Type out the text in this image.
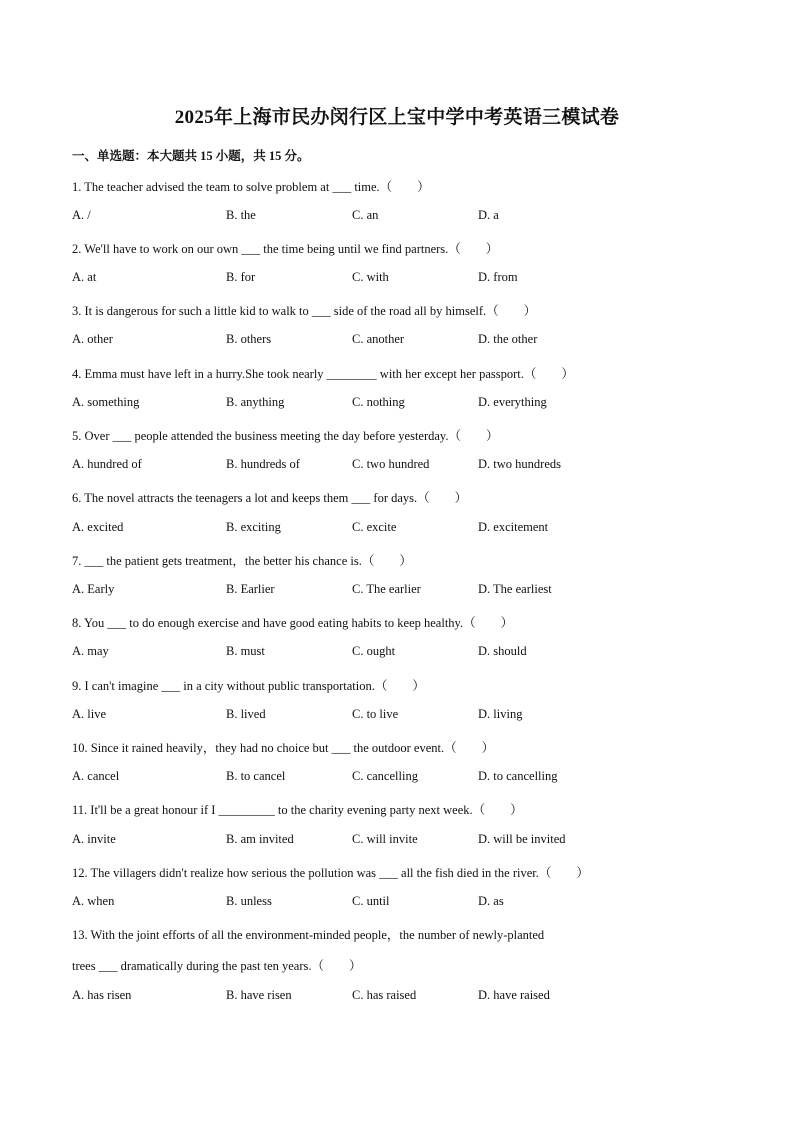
2025年上海市民办闵行区上宝中学中考英语三模试卷
一、单选题：本大题共 15 小题，共 15 分。
1. The teacher advised the team to solve problem at ___ time.（　　）
A. /	B. the	C. an	D. a
2. We'll have to work on our own ___ the time being until we find partners.（　　）
A. at	B. for	C. with	D. from
3. It is dangerous for such a little kid to walk to ___ side of the road all by himself.（　　）
A. other	B. others	C. another	D. the other
4. Emma must have left in a hurry.She took nearly ________ with her except her passport.（　　）
A. something	B. anything	C. nothing	D. everything
5. Over ___ people attended the business meeting the day before yesterday.（　　）
A. hundred of	B. hundreds of	C. two hundred	D. two hundreds
6. The novel attracts the teenagers a lot and keeps them ___ for days.（　　）
A. excited	B. exciting	C. excite	D. excitement
7. ___ the patient gets treatment，the better his chance is.（　　）
A. Early	B. Earlier	C. The earlier	D. The earliest
8. You ___ to do enough exercise and have good eating habits to keep healthy.（　　）
A. may	B. must	C. ought	D. should
9. I can't imagine ___ in a city without public transportation.（　　）
A. live	B. lived	C. to live	D. living
10. Since it rained heavily，they had no choice but ___ the outdoor event.（　　）
A. cancel	B. to cancel	C. cancelling	D. to cancelling
11. It'll be a great honour if I _________ to the charity evening party next week.（　　）
A. invite	B. am invited	C. will invite	D. will be invited
12. The villagers didn't realize how serious the pollution was ___ all the fish died in the river.（　　）
A. when	B. unless	C. until	D. as
13. With the joint efforts of all the environment-minded people，the number of newly-planted
trees ___ dramatically during the past ten years.（　　）
A. has risen	B. have risen	C. has raised	D. have raised
